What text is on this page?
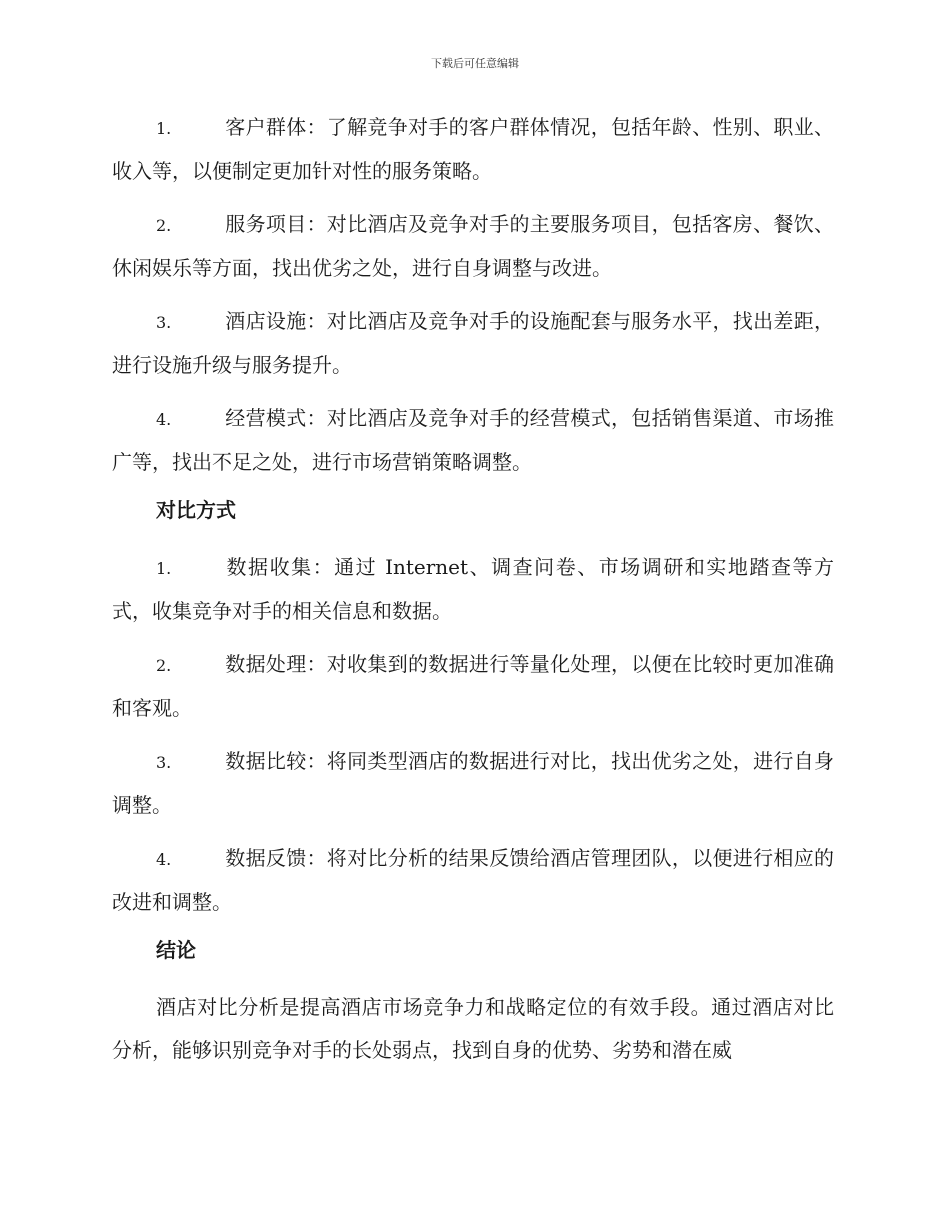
下载后可任意编辑

1.	客户群体：了解竞争对手的客户群体情况，包括年龄、性别、职业、收入等，以便制定更加针对性的服务策略。

2.	服务项目：对比酒店及竞争对手的主要服务项目，包括客房、餐饮、休闲娱乐等方面，找出优劣之处，进行自身调整与改进。

3.	酒店设施：对比酒店及竞争对手的设施配套与服务水平，找出差距，进行设施升级与服务提升。

4.	经营模式：对比酒店及竞争对手的经营模式，包括销售渠道、市场推广等，找出不足之处，进行市场营销策略调整。

对比方式

1.	数据收集：通过 Internet、调查问卷、市场调研和实地踏查等方式，收集竞争对手的相关信息和数据。

2.	数据处理：对收集到的数据进行等量化处理，以便在比较时更加准确和客观。

3.	数据比较：将同类型酒店的数据进行对比，找出优劣之处，进行自身调整。

4.	数据反馈：将对比分析的结果反馈给酒店管理团队，以便进行相应的改进和调整。

结论

酒店对比分析是提高酒店市场竞争力和战略定位的有效手段。通过酒店对比分析，能够识别竞争对手的长处弱点，找到自身的优势、劣势和潜在威
